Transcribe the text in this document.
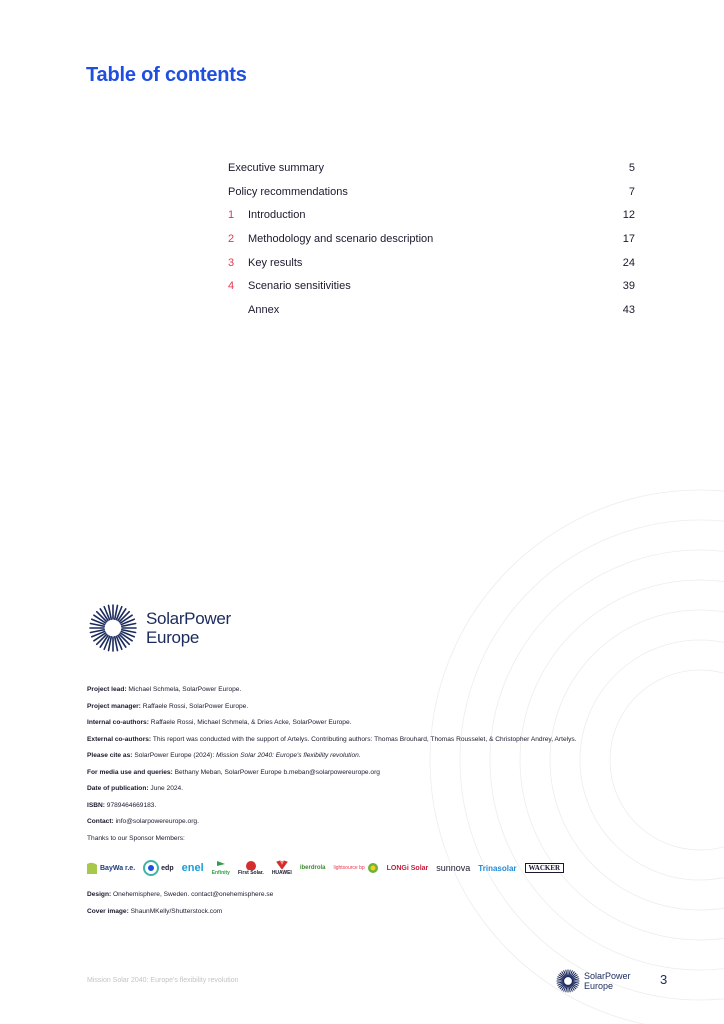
Table of contents
Executive summary	5
Policy recommendations	7
1	Introduction	12
2	Methodology and scenario description	17
3	Key results	24
4	Scenario sensitivities	39
Annex	43
SolarPower
Europe
Project lead: Michael Schmela, SolarPower Europe.
Project manager: Raffaele Rossi, SolarPower Europe.
Internal co-authors: Raffaele Rossi, Michael Schmela, & Dries Acke, SolarPower Europe.
External co-authors: This report was conducted with the support of Artelys. Contributing authors: Thomas Brouhard, Thomas Rousselet, & Christopher Andrey, Artelys.
Please cite as: SolarPower Europe (2024): Mission Solar 2040: Europe's flexibility revolution.
For media use and queries: Bethany Meban, SolarPower Europe b.meban@solarpowereurope.org
Date of publication: June 2024.
ISBN: 9789464669183.
Contact: info@solarpowereurope.org.
Thanks to our Sponsor Members:
BayWa r.e.	edp enel Enfinity First Solar. HUAWEI
iberdrola lightsource bp	LONGi Solar sunnova Trinasolar WACKER
Design: Onehemisphere, Sweden. contact@onehemisphere.se
Cover image: ShaunMKelly/Shutterstock.com
Mission Solar 2040: Europe's flexibility revolution	SolarPower
Europe	3
